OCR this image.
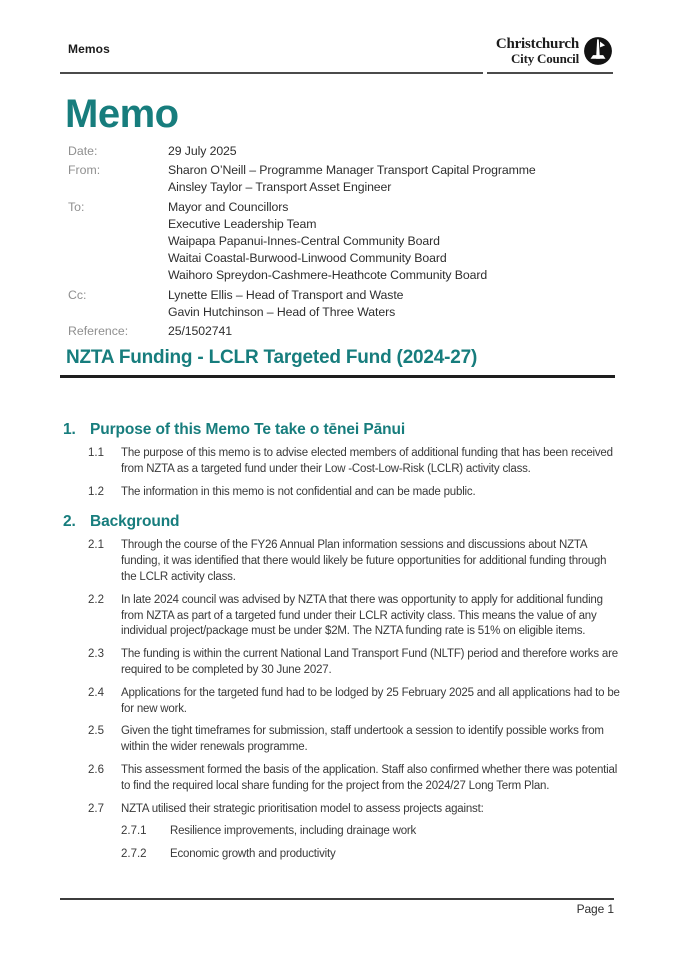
Memos	Christchurch
City Council
Memo
Date:	29 July 2025
From:	Sharon O’Neill – Programme Manager Transport Capital Programme
Ainsley Taylor – Transport Asset Engineer
To:	Mayor and Councillors
Executive Leadership Team
Waipapa Papanui-Innes-Central Community Board
Waitai Coastal-Burwood-Linwood Community Board
Waihoro Spreydon-Cashmere-Heathcote Community Board
Cc:	Lynette Ellis – Head of Transport and Waste
Gavin Hutchinson – Head of Three Waters
Reference:	25/1502741
NZTA Funding - LCLR Targeted Fund (2024-27)
1. Purpose of this Memo Te take o tēnei Pānui
1.1	The purpose of this memo is to advise elected members of additional funding that has been received from NZTA as a targeted fund under their Low -Cost-Low-Risk (LCLR) activity class.
1.2	The information in this memo is not confidential and can be made public.
2. Background
2.1	Through the course of the FY26 Annual Plan information sessions and discussions about NZTA funding, it was identified that there would likely be future opportunities for additional funding through the LCLR activity class.
2.2	In late 2024 council was advised by NZTA that there was opportunity to apply for additional funding from NZTA as part of a targeted fund under their LCLR activity class. This means the value of any individual project/package must be under $2M. The NZTA funding rate is 51% on eligible items.
2.3	The funding is within the current National Land Transport Fund (NLTF) period and therefore works are required to be completed by 30 June 2027.
2.4	Applications for the targeted fund had to be lodged by 25 February 2025 and all applications had to be for new work.
2.5	Given the tight timeframes for submission, staff undertook a session to identify possible works from within the wider renewals programme.
2.6	This assessment formed the basis of the application. Staff also confirmed whether there was potential to find the required local share funding for the project from the 2024/27 Long Term Plan.
2.7	NZTA utilised their strategic prioritisation model to assess projects against:
2.7.1	Resilience improvements, including drainage work
2.7.2	Economic growth and productivity
Page 1
